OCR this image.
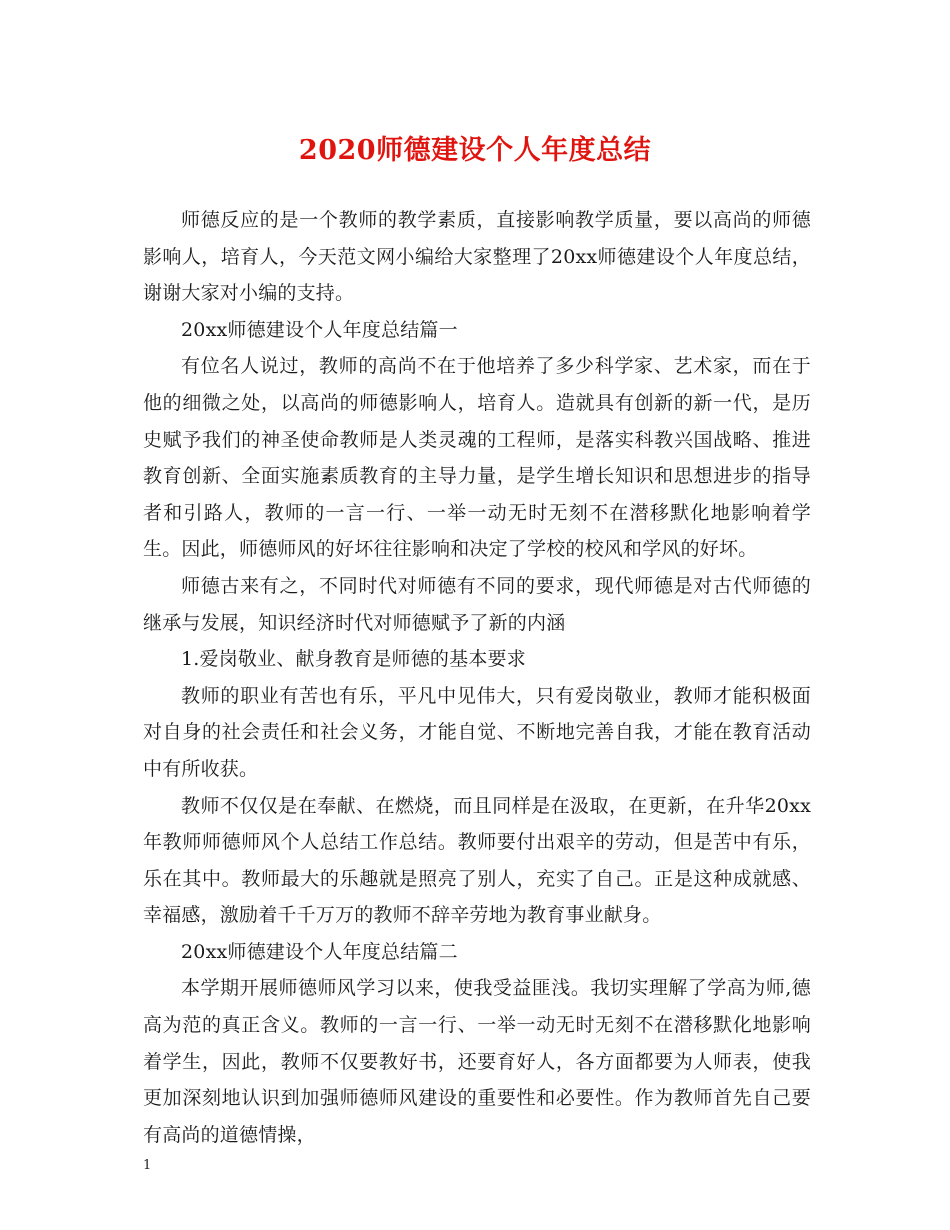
2020师德建设个人年度总结

师德反应的是一个教师的教学素质，直接影响教学质量，要以高尚的师德影响人，培育人，今天范文网小编给大家整理了20xx师德建设个人年度总结，谢谢大家对小编的支持。

20xx师德建设个人年度总结篇一

有位名人说过，教师的高尚不在于他培养了多少科学家、艺术家，而在于他的细微之处，以高尚的师德影响人，培育人。造就具有创新的新一代，是历史赋予我们的神圣使命教师是人类灵魂的工程师，是落实科教兴国战略、推进教育创新、全面实施素质教育的主导力量，是学生增长知识和思想进步的指导者和引路人，教师的一言一行、一举一动无时无刻不在潜移默化地影响着学生。因此，师德师风的好坏往往影响和决定了学校的校风和学风的好坏。

师德古来有之，不同时代对师德有不同的要求，现代师德是对古代师德的继承与发展，知识经济时代对师德赋予了新的内涵

1.爱岗敬业、献身教育是师德的基本要求

教师的职业有苦也有乐，平凡中见伟大，只有爱岗敬业，教师才能积极面对自身的社会责任和社会义务，才能自觉、不断地完善自我，才能在教育活动中有所收获。

教师不仅仅是在奉献、在燃烧，而且同样是在汲取，在更新，在升华20xx年教师师德师风个人总结工作总结。教师要付出艰辛的劳动，但是苦中有乐，乐在其中。教师最大的乐趣就是照亮了别人，充实了自己。正是这种成就感、幸福感，激励着千千万万的教师不辞辛劳地为教育事业献身。

20xx师德建设个人年度总结篇二

本学期开展师德师风学习以来，使我受益匪浅。我切实理解了学高为师,德高为范的真正含义。教师的一言一行、一举一动无时无刻不在潜移默化地影响着学生，因此，教师不仅要教好书，还要育好人，各方面都要为人师表，使我更加深刻地认识到加强师德师风建设的重要性和必要性。作为教师首先自己要有高尚的道德情操，

1
